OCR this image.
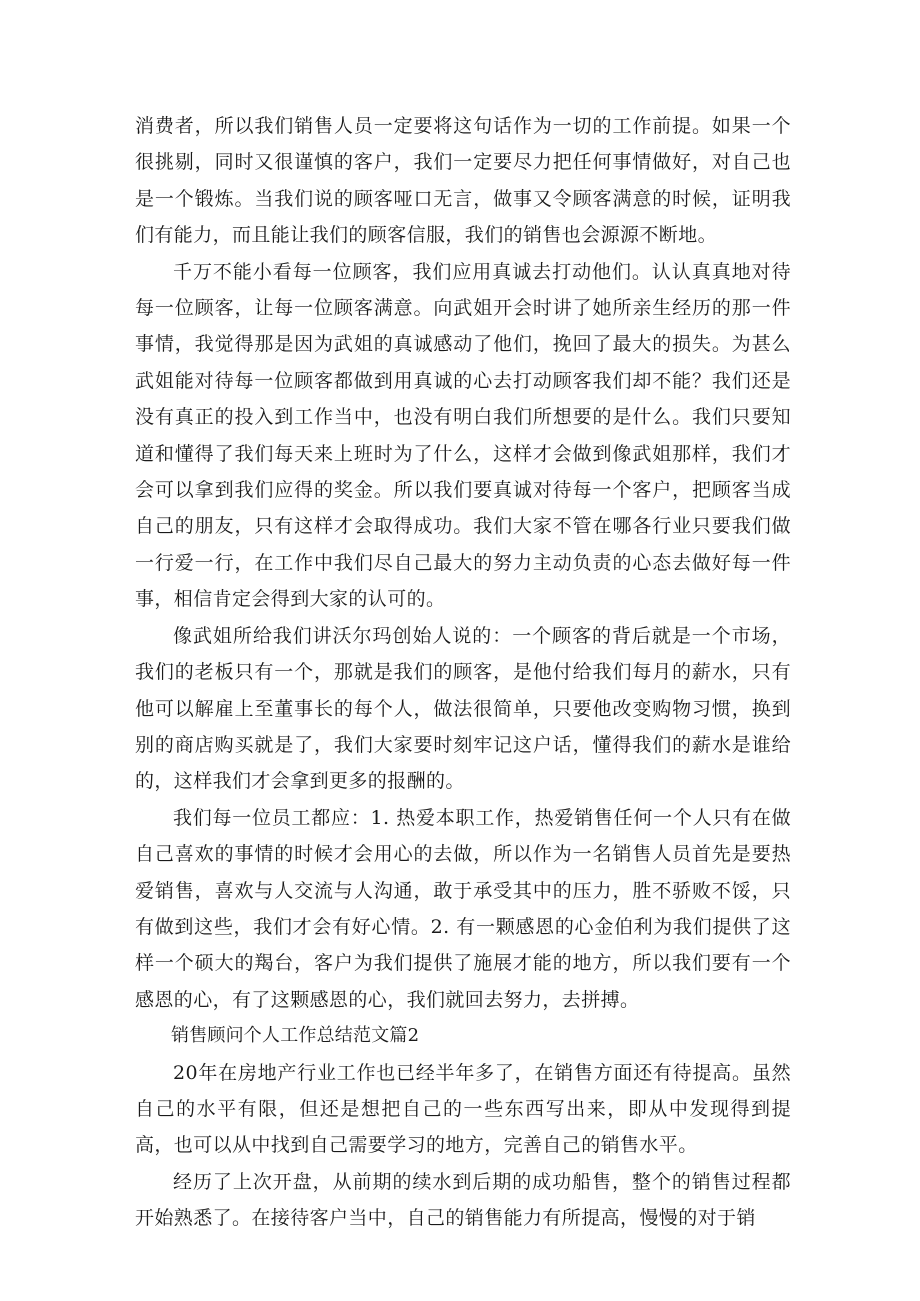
消费者，所以我们销售人员一定要将这句话作为一切的工作前提。如果一个很挑剔，同时又很谨慎的客户，我们一定要尽力把任何事情做好，对自己也是一个锻炼。当我们说的顾客哑口无言，做事又令顾客满意的时候，证明我们有能力，而且能让我们的顾客信服，我们的销售也会源源不断地。

千万不能小看每一位顾客，我们应用真诚去打动他们。认认真真地对待每一位顾客，让每一位顾客满意。向武姐开会时讲了她所亲生经历的那一件事情，我觉得那是因为武姐的真诚感动了他们，挽回了最大的损失。为甚么武姐能对待每一位顾客都做到用真诚的心去打动顾客我们却不能？我们还是没有真正的投入到工作当中，也没有明白我们所想要的是什么。我们只要知道和懂得了我们每天来上班时为了什么，这样才会做到像武姐那样，我们才会可以拿到我们应得的奖金。所以我们要真诚对待每一个客户，把顾客当成自己的朋友，只有这样才会取得成功。我们大家不管在哪各行业只要我们做一行爱一行，在工作中我们尽自己最大的努力主动负责的心态去做好每一件事，相信肯定会得到大家的认可的。

像武姐所给我们讲沃尔玛创始人说的：一个顾客的背后就是一个市场，我们的老板只有一个，那就是我们的顾客，是他付给我们每月的薪水，只有他可以解雇上至董事长的每个人，做法很简单，只要他改变购物习惯，换到别的商店购买就是了，我们大家要时刻牢记这户话，懂得我们的薪水是谁给的，这样我们才会拿到更多的报酬的。

我们每一位员工都应：1. 热爱本职工作，热爱销售任何一个人只有在做自己喜欢的事情的时候才会用心的去做，所以作为一名销售人员首先是要热爱销售，喜欢与人交流与人沟通，敢于承受其中的压力，胜不骄败不馁，只有做到这些，我们才会有好心情。2. 有一颗感恩的心金伯利为我们提供了这样一个硕大的羯台，客户为我们提供了施展才能的地方，所以我们要有一个感恩的心，有了这颗感恩的心，我们就回去努力，去拼搏。

销售顾问个人工作总结范文篇2

20年在房地产行业工作也已经半年多了，在销售方面还有待提高。虽然自己的水平有限，但还是想把自己的一些东西写出来，即从中发现得到提高，也可以从中找到自己需要学习的地方，完善自己的销售水平。

经历了上次开盘，从前期的续水到后期的成功船售，整个的销售过程都开始熟悉了。在接待客户当中，自己的销售能力有所提高，慢慢的对于销
